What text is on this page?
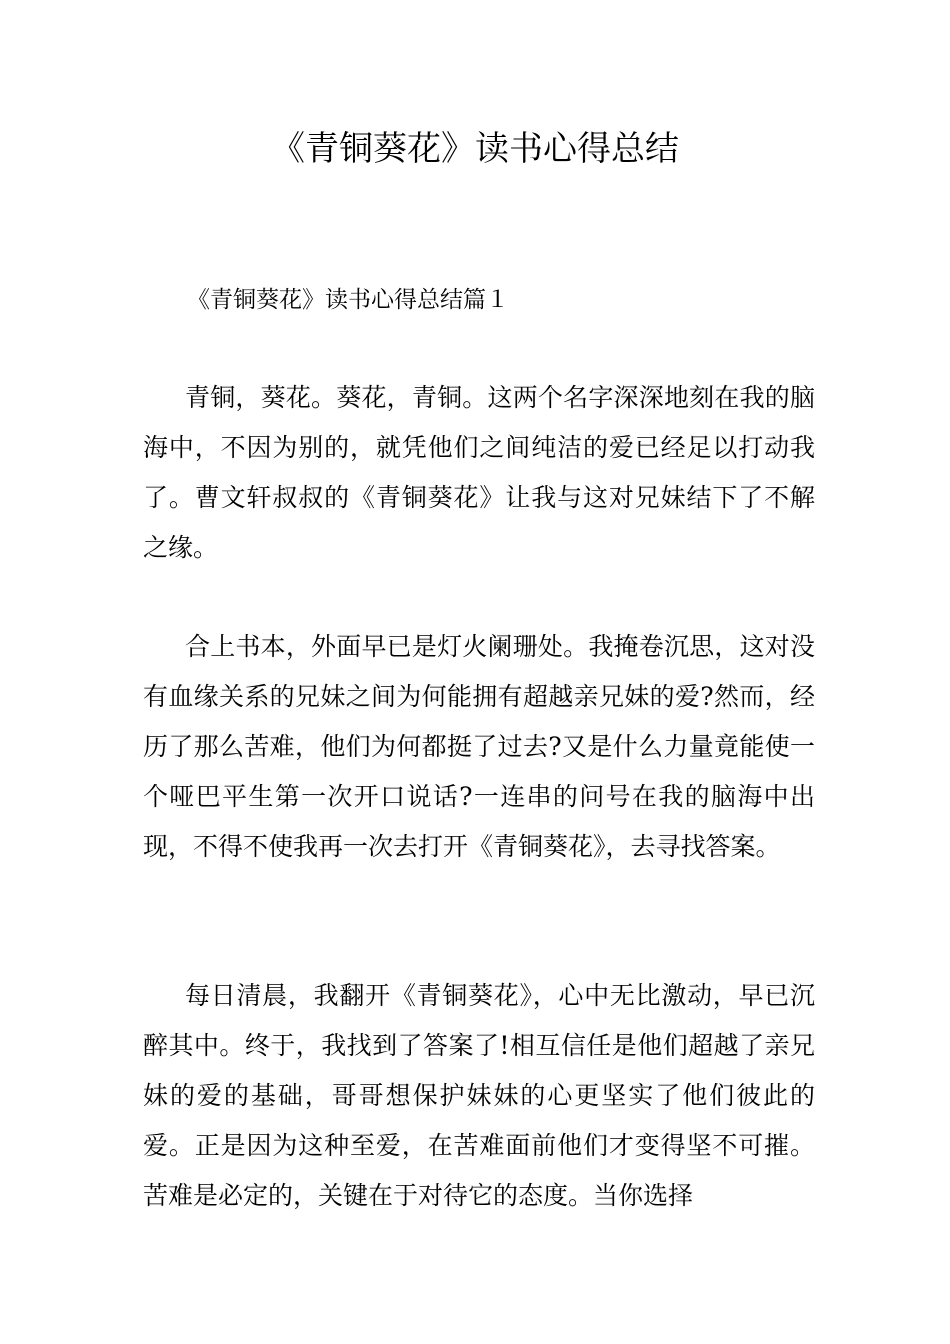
《青铜葵花》读书心得总结
《青铜葵花》读书心得总结篇１

青铜，葵花。葵花，青铜。这两个名字深深地刻在我的脑海中，不因为别的，就凭他们之间纯洁的爱已经足以打动我了。曹文轩叔叔的《青铜葵花》让我与这对兄妹结下了不解之缘。

合上书本，外面早已是灯火阑珊处。我掩卷沉思，这对没有血缘关系的兄妹之间为何能拥有超越亲兄妹的爱?然而，经历了那么苦难，他们为何都挺了过去?又是什么力量竟能使一个哑巴平生第一次开口说话?一连串的问号在我的脑海中出现，不得不使我再一次去打开《青铜葵花》，去寻找答案。

每日清晨，我翻开《青铜葵花》，心中无比激动，早已沉醉其中。终于，我找到了答案了!相互信任是他们超越了亲兄妹的爱的基础，哥哥想保护妹妹的心更坚实了他们彼此的爱。正是因为这种至爱，在苦难面前他们才变得坚不可摧。苦难是必定的，关键在于对待它的态度。当你选择
